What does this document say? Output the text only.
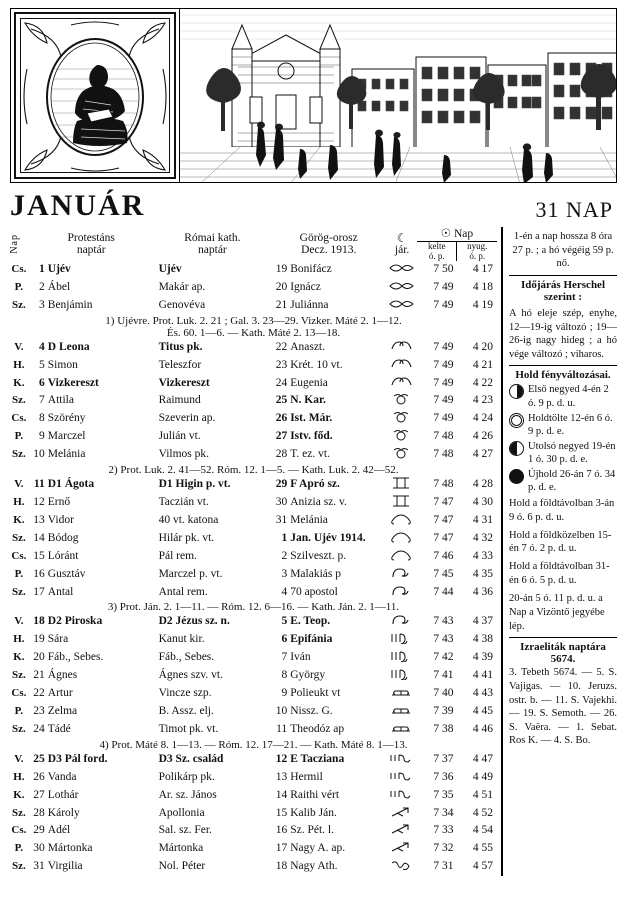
JANUÁR	31 NAP
Nap	Protestáns
naptár

Római kath.
naptár

Görög-orosz
Decz. 1913.

☾
jár.

☉ Nap
kelte
ó. p.
nyug.
ó. p.

Cs.	1 Ujév	Ujév	19 Bonifácz		7 50	4 17
P.	2 Ábel	Makár ap.	20 Ignácz		7 49	4 18
Sz.	3 Benjámin	Genovéva	21 Juliánna		7 49	4 19
1) Ujévre. Prot. Luk. 2. 21 ; Gal. 3. 23—29. Vizker. Máté 2. 1—12.						
És. 60. 1—6. — Kath. Máté 2. 13—18.						
V.	4 D Leona	Titus pk.	22 Anaszt.		7 49	4 20
H.	5 Simon	Teleszfor	23 Krét. 10 vt.		7 49	4 21
K.	6 Vizkereszt	Vizkereszt	24 Eugenia		7 49	4 22
Sz.	7 Attila	Raimund	25 N. Kar.		7 49	4 23
Cs.	8 Szörény	Szeverin ap.	26 Ist. Már.		7 49	4 24
P.	9 Marczel	Julián vt.	27 Istv. főd.		7 48	4 26
Sz.	10 Melánia	Vilmos pk.	28 T. ez. vt.		7 48	4 27
2) Prot. Luk. 2. 41—52. Róm. 12. 1—5. — Kath. Luk. 2. 42—52.						
V.	11 D1 Ágota	D1 Higin p. vt.	29 F Apró sz.		7 48	4 28
H.	12 Ernő	Taczián vt.	30 Anizia sz. v.		7 47	4 30
K.	13 Vidor	40 vt. katona	31 Melánia		7 47	4 31
Sz.	14 Bódog	Hilár pk. vt.	1 Jan. Ujév 1914.		7 47	4 32
Cs.	15 Lóránt	Pál rem.	2 Szilveszt. p.		7 46	4 33
P.	16 Gusztáv	Marczel p. vt.	3 Malakiás p		7 45	4 35
Sz.	17 Antal	Antal rem.	4 70 apostol		7 44	4 36
3) Prot. Ján. 2. 1—11. — Róm. 12. 6—16. — Kath. Ján. 2. 1—11.						
V.	18 D2 Piroska	D2 Jézus sz. n.	5 E. Teop.		7 43	4 37
H.	19 Sára	Kanut kir.	6 Epifánia		7 43	4 38
K.	20 Fáb., Sebes.	Fáb., Sebes.	7 Iván		7 42	4 39
Sz.	21 Ágnes	Ágnes szv. vt.	8 György		7 41	4 41
Cs.	22 Artur	Vincze szp.	9 Polieukt vt		7 40	4 43
P.	23 Zelma	B. Assz. elj.	10 Nissz. G.		7 39	4 45
Sz.	24 Tádé	Timot pk. vt.	11 Theodóz ap		7 38	4 46
4) Prot. Máté 8. 1—13. — Róm. 12. 17—21. — Kath. Máté 8. 1—13.						
V.	25 D3 Pál ford.	D3 Sz. család	12 E Tacziana		7 37	4 47
H.	26 Vanda	Polikárp pk.	13 Hermil		7 36	4 49
K.	27 Lothár	Ar. sz. János	14 Raithi vért		7 35	4 51
Sz.	28 Károly	Apollonia	15 Kalib Ján.		7 34	4 52
Cs.	29 Adél	Sal. sz. Fer.	16 Sz. Pét. l.		7 33	4 54
P.	30 Mártonka	Mártonka	17 Nagy A. ap.		7 32	4 55
Sz.	31 Virgilia	Nol. Péter	18 Nagy Ath.		7 31	4 57
1-én a nap hossza 8 óra 27 p. ; a hó végéig 59 p. nő.
Időjárás Herschel szerint :
A hó eleje szép, enyhe, 12—19-ig változó ; 19—26-ig nagy hideg ; a hó vége változó ; viharos.
Hold fényváltozásai.
Első negyed 4-én 2 ó. 9 p. d. u.
Holdtölte 12-én 6 ó. 9 p. d. e.
Utolsó negyed 19-én 1 ó. 30 p. d. e.
Újhold 26-án 7 ó. 34 p. d. e.
Hold a földtávolban 3-án 9 ó. 6 p. d. u.
Hold a földközelben 15-én 7 ó. 2 p. d. u.
Hold a földtávolban 31-én 6 ó. 5 p. d. u.
20-án 5 ó. 11 p. d. u. a Nap a Vizöntő jegyébe lép.
Izraeliták naptára
5674.
3. Tebeth 5674. — 5. S. Vajigas. — 10. Jeruzs. ostr. b. — 11. S. Vajekhi. — 19. S. Semoth. — 26. S. Vaëra. — 1. Sebat. Ros K. — 4. S. Bo.
